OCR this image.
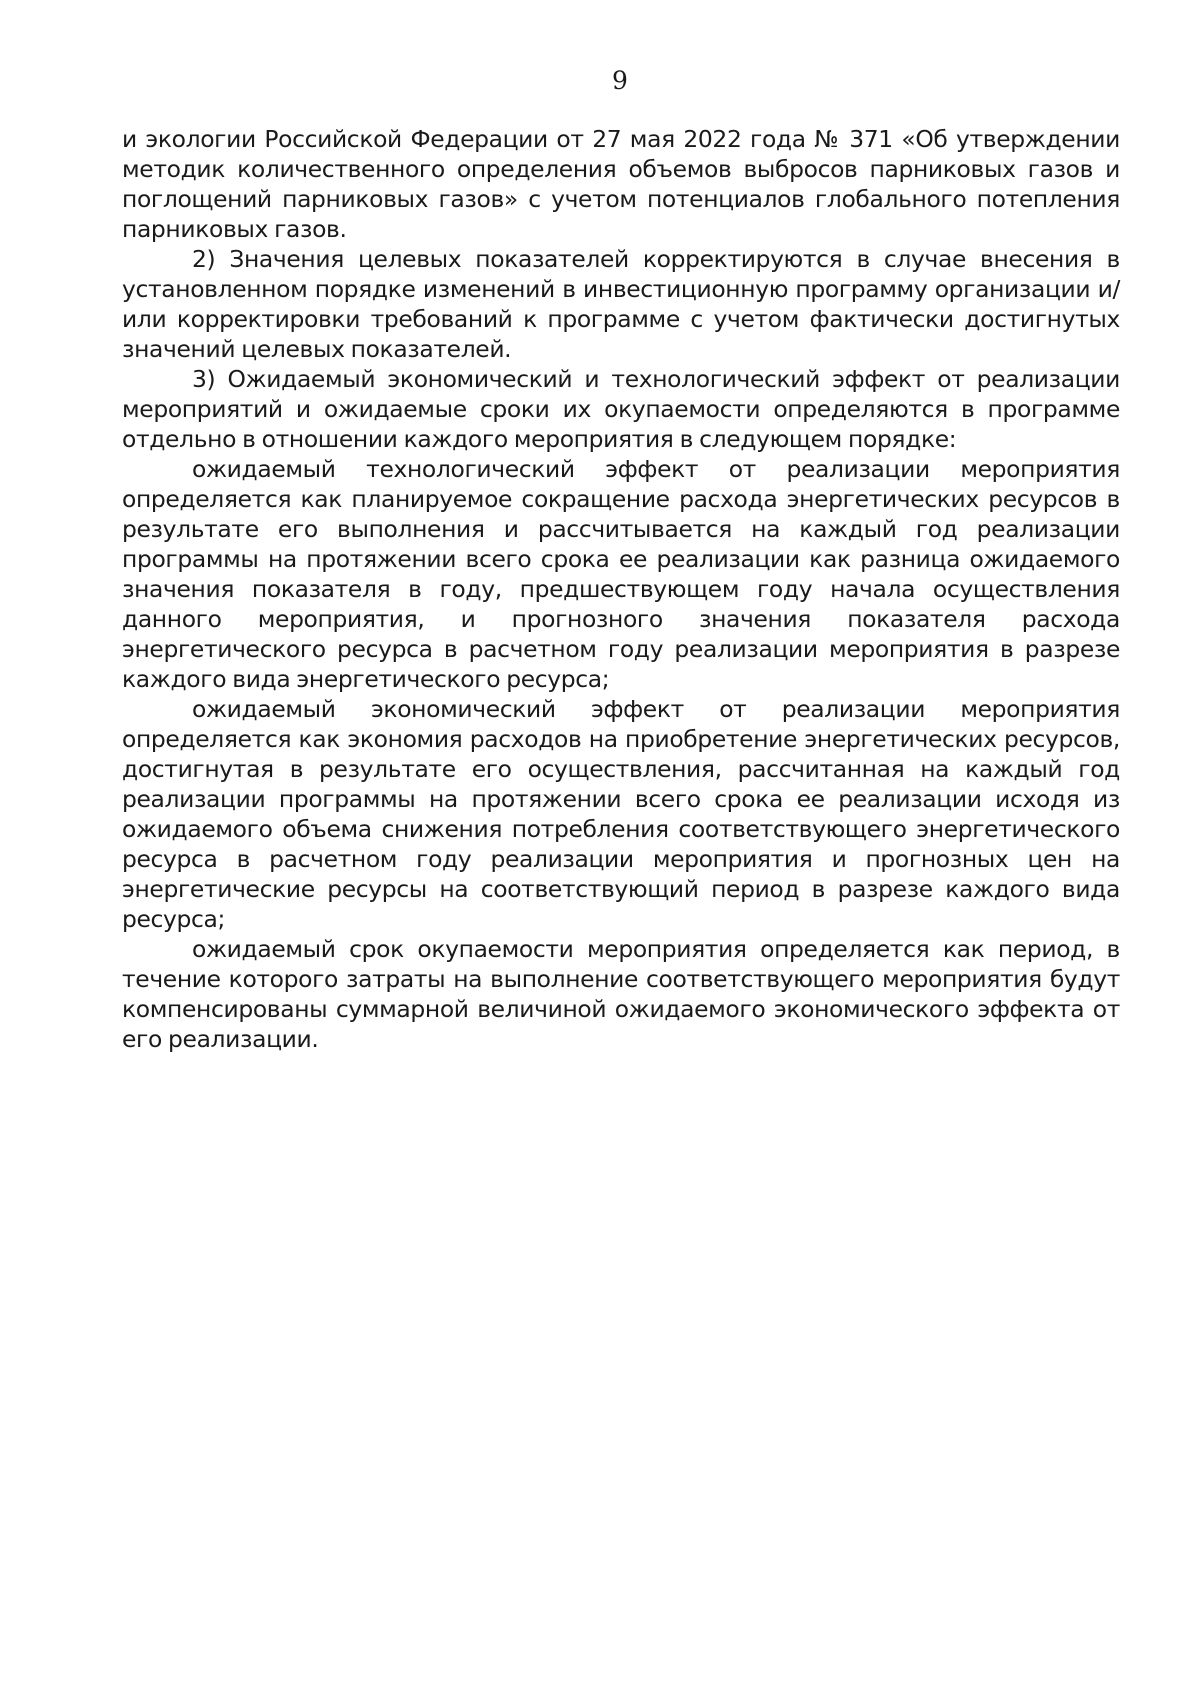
9

и экологии Российской Федерации от 27 мая 2022 года № 371 «Об утверждении методик количественного определения объемов выбросов парниковых газов и поглощений парниковых газов» с учетом потенциалов глобального потепления парниковых газов.

2) Значения целевых показателей корректируются в случае внесения в установленном порядке изменений в инвестиционную программу организации и/или корректировки требований к программе с учетом фактически достигнутых значений целевых показателей.

3) Ожидаемый экономический и технологический эффект от реализации мероприятий и ожидаемые сроки их окупаемости определяются в программе отдельно в отношении каждого мероприятия в следующем порядке:

ожидаемый технологический эффект от реализации мероприятия определяется как планируемое сокращение расхода энергетических ресурсов в результате его выполнения и рассчитывается на каждый год реализации программы на протяжении всего срока ее реализации как разница ожидаемого значения показателя в году, предшествующем году начала осуществления данного мероприятия, и прогнозного значения показателя расхода энергетического ресурса в расчетном году реализации мероприятия в разрезе каждого вида энергетического ресурса;

ожидаемый экономический эффект от реализации мероприятия определяется как экономия расходов на приобретение энергетических ресурсов, достигнутая в результате его осуществления, рассчитанная на каждый год реализации программы на протяжении всего срока ее реализации исходя из ожидаемого объема снижения потребления соответствующего энергетического ресурса в расчетном году реализации мероприятия и прогнозных цен на энергетические ресурсы на соответствующий период в разрезе каждого вида ресурса;

ожидаемый срок окупаемости мероприятия определяется как период, в течение которого затраты на выполнение соответствующего мероприятия будут компенсированы суммарной величиной ожидаемого экономического эффекта от его реализации.
